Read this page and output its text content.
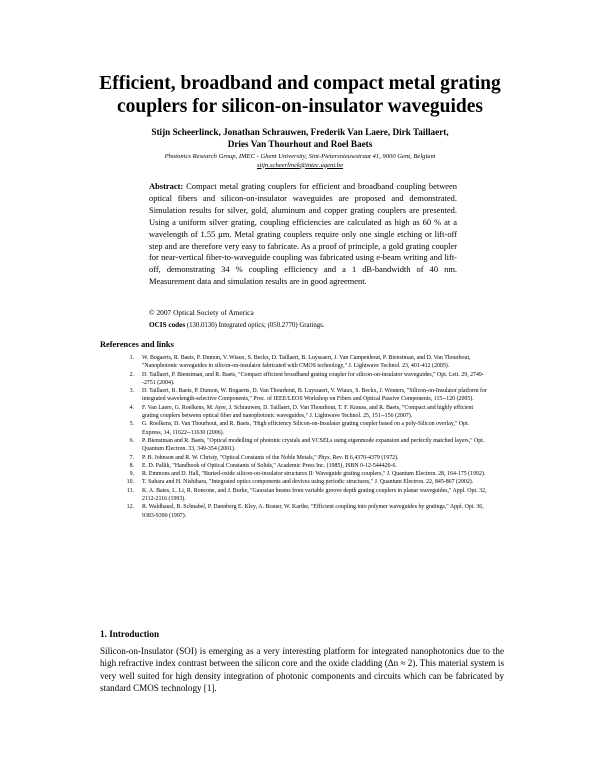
Efficient, broadband and compact metal grating
couplers for silicon-on-insulator waveguides
Stijn Scheerlinck, Jonathan Schrauwen, Frederik Van Laere, Dirk Taillaert,
Dries Van Thourhout and Roel Baets
Photonics Research Group, IMEC - Ghent University, Sint-Pietersnieuwstraat 41, 9000 Gent, Belgium
stijn.scheerlinck@intec.ugent.be
Abstract: Compact metal grating couplers for efficient and broadband coupling between optical fibers and silicon-on-insulator waveguides are proposed and demonstrated. Simulation results for silver, gold, aluminum and copper grating couplers are presented. Using a uniform silver grating, coupling efficiencies are calculated as high as 60 % at a wavelength of 1.55 µm. Metal grating couplers require only one single etching or lift-off step and are therefore very easy to fabricate. As a proof of principle, a gold grating coupler for near-vertical fiber-to-waveguide coupling was fabricated using e-beam writing and lift-off, demonstrating 34 % coupling efficiency and a 1 dB-bandwidth of 40 nm. Measurement data and simulation results are in good agreement.
© 2007 Optical Society of America
OCIS codes (130.0130) Integrated optics; (050.2770) Gratings.
References and links
1. W. Bogaerts, R. Baets, P. Dumon, V. Wiaux, S. Beckx, D. Taillaert, B. Luyssaert, J. Van Campenhout, P. Bienstman, and D. Van Thourhout, "Nanophotonic waveguides in silicon-on-insulator fabricated with CMOS technology," J. Lightwave Technol. 23, 401-412 (2005).
2. D. Taillaert, P. Bienstman, and R. Baets, "Compact efficient broadband grating coupler for silicon-on-insulator waveguides," Opt. Lett. 29, 2749--2751 (2004).
3. D. Taillaert, R. Baets, P. Dumon, W. Bogaerts, D. Van Thourhout, B. Luyssaert, V. Wiaux, S. Beckx, J. Wouters, "Silicon-on-Insulator platform for integrated wavelength-selective Components," Proc. of IEEE/LEOS Workshop on Fibers and Optical Passive Components, 115--120 (2005).
4. F. Van Laere, G. Roelkens, M. Ayre, J. Schrauwen, D. Taillaert, D. Van Thourhout, T. F. Krauss, and R. Baets, "Compact and highly efficient grating couplers between optical fiber and nanophotonic waveguides," J. Lightwave Technol. 25, 151--156 (2007).
5. G. Roelkens, D. Van Thourhout, and R. Baets, "High efficiency Silicon-on-Insulator grating coupler based on a poly-Silicon overlay," Opt. Express, 14, 11622--11630 (2006).
6. P. Bienstman and R. Baets, "Optical modelling of photonic crystals and VCSELs using eigenmode expansion and perfectly matched layers," Opt. Quantum Electron. 33, 349-354 (2001).
7. P. B. Johnson and R. W. Christy, "Optical Constants of the Noble Metals," Phys. Rev. B 6,4370-4379 (1972).
8. E. D. Pallik, "Handbook of Optical Constants of Solids," Academic Press Inc. (1985), ISBN 0-12-544420-6.
9. R. Emmons and D. Hall, "Buried-oxide silicon-on-insulator structures II: Waveguide grating couplers," J. Quantum Electron. 28, 164-175 (1992).
10. T. Suhara and H. Nishihara, "Integrated optics components and devices using periodic structures," J. Quantum Electron. 22, 845-867 (2002).
11. K. A. Bates, L. Li, R. Roncone, and J. Burke, "Gaussian beams from variable groove depth grating couplers in planar waveguides," Appl. Opt. 32, 2112-2116 (1993).
12. R. Waldhausl, B. Schnabel, P. Dannberg E. Kley, A. Brauer, W. Karthe, "Efficient coupling into polymer waveguides by gratings," Appl. Opt. 36, 9383-9390 (1997).
1. Introduction
Silicon-on-Insulator (SOI) is emerging as a very interesting platform for integrated nanophotonics due to the high refractive index contrast between the silicon core and the oxide cladding (Δn ≈ 2). This material system is very well suited for high density integration of photonic components and circuits which can be fabricated by standard CMOS technology [1].
